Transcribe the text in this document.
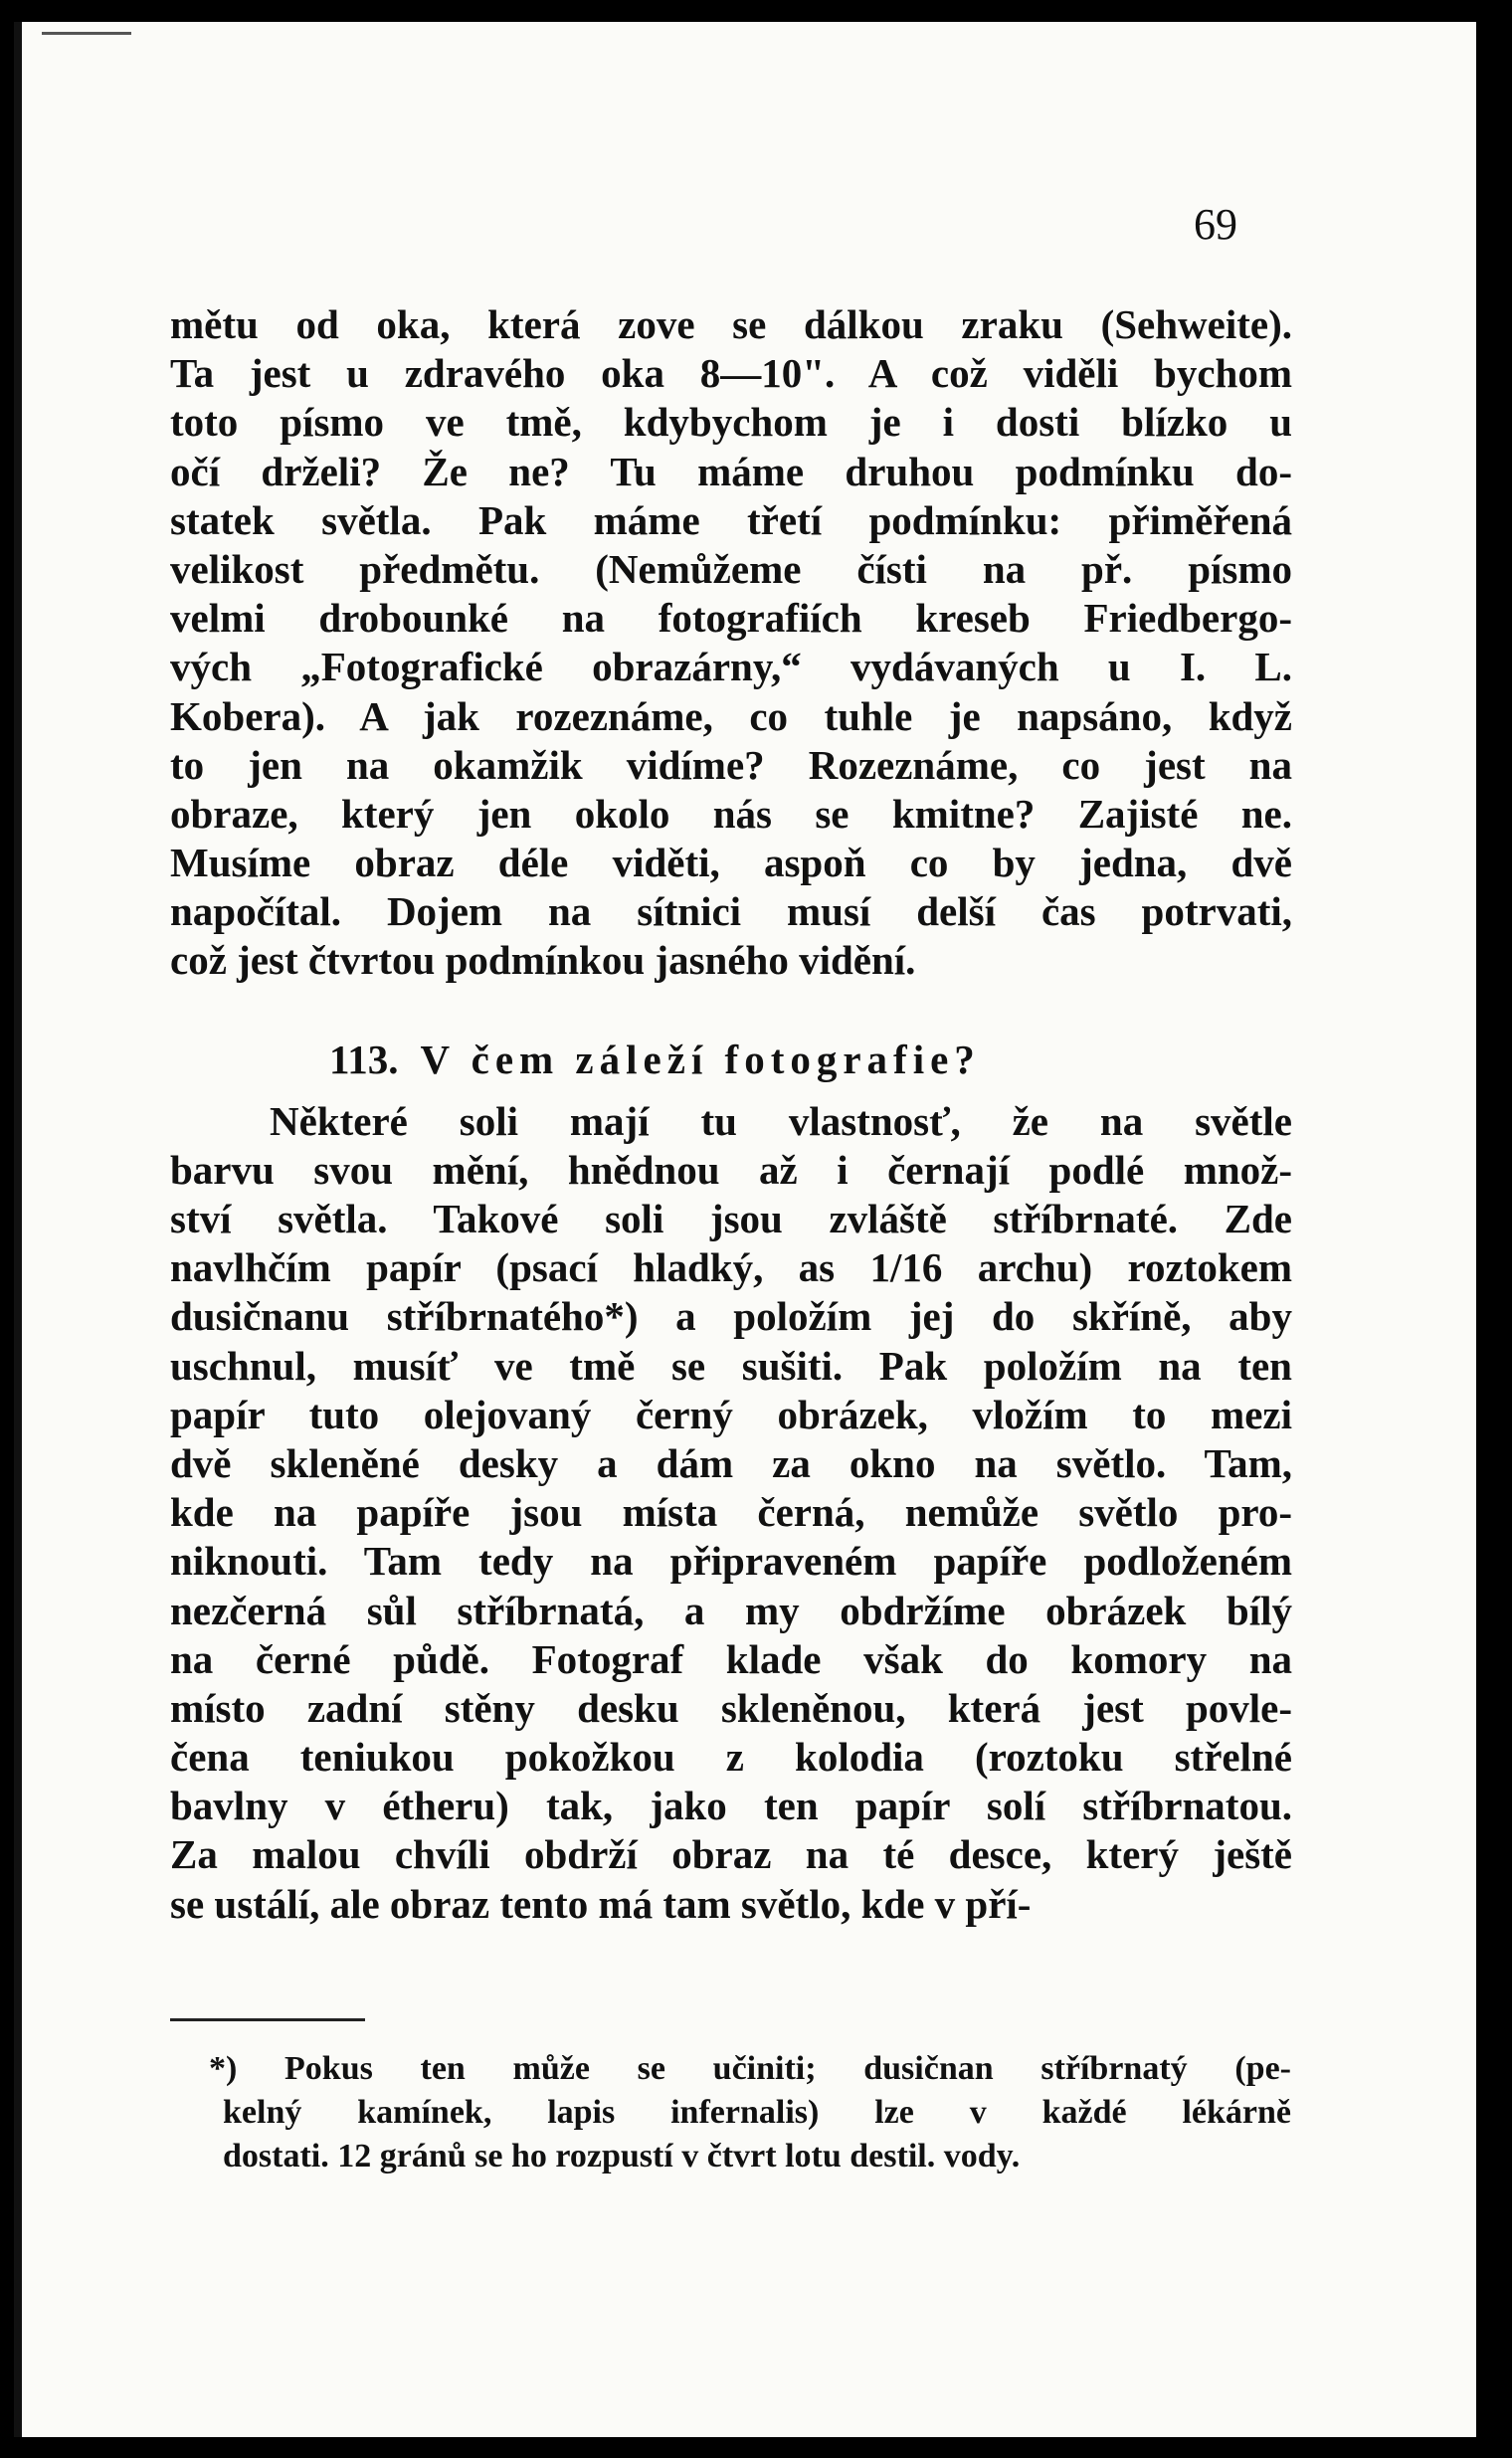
69
mětu od oka, která zove se dálkou zraku (Sehweite).
Ta jest u zdravého oka 8—10". A což viděli bychom
toto písmo ve tmě, kdybychom je i dosti blízko u
očí drželi? Že ne? Tu máme druhou podmínku do-
statek světla. Pak máme třetí podmínku: přiměřená
velikost předmětu. (Nemůžeme čísti na př. písmo
velmi drobounké na fotografiích kreseb Friedbergo-
vých „Fotografické obrazárny,“ vydávaných u I. L.
Kobera). A jak rozeznáme, co tuhle je napsáno, když
to jen na okamžik vidíme? Rozeznáme, co jest na
obraze, který jen okolo nás se kmitne? Zajisté ne.
Musíme obraz déle viděti, aspoň co by jedna, dvě
napočítal. Dojem na sítnici musí delší čas potrvati,
což jest čtvrtou podmínkou jasného vidění.
113. V čem záleží fotografie?
Některé soli mají tu vlastnosť, že na světle
barvu svou mění, hnědnou až i černají podlé množ-
ství světla. Takové soli jsou zvláště stříbrnaté. Zde
navlhčím papír (psací hladký, as 1/16 archu) roztokem
dusičnanu stříbrnatého*) a položím jej do skříně, aby
uschnul, musíť ve tmě se sušiti. Pak položím na ten
papír tuto olejovaný černý obrázek, vložím to mezi
dvě skleněné desky a dám za okno na světlo. Tam,
kde na papíře jsou místa černá, nemůže světlo pro-
niknouti. Tam tedy na připraveném papíře podloženém
nezčerná sůl stříbrnatá, a my obdržíme obrázek bílý
na černé půdě. Fotograf klade však do komory na
místo zadní stěny desku skleněnou, která jest povle-
čena teniukou pokožkou z kolodia (roztoku střelné
bavlny v étheru) tak, jako ten papír solí stříbrnatou.
Za malou chvíli obdrží obraz na té desce, který ještě
se ustálí, ale obraz tento má tam světlo, kde v pří-
*) Pokus ten může se učiniti; dusičnan stříbrnatý (pe-
kelný kamínek, lapis infernalis) lze v každé lékárně
dostati. 12 gránů se ho rozpustí v čtvrt lotu destil. vody.
